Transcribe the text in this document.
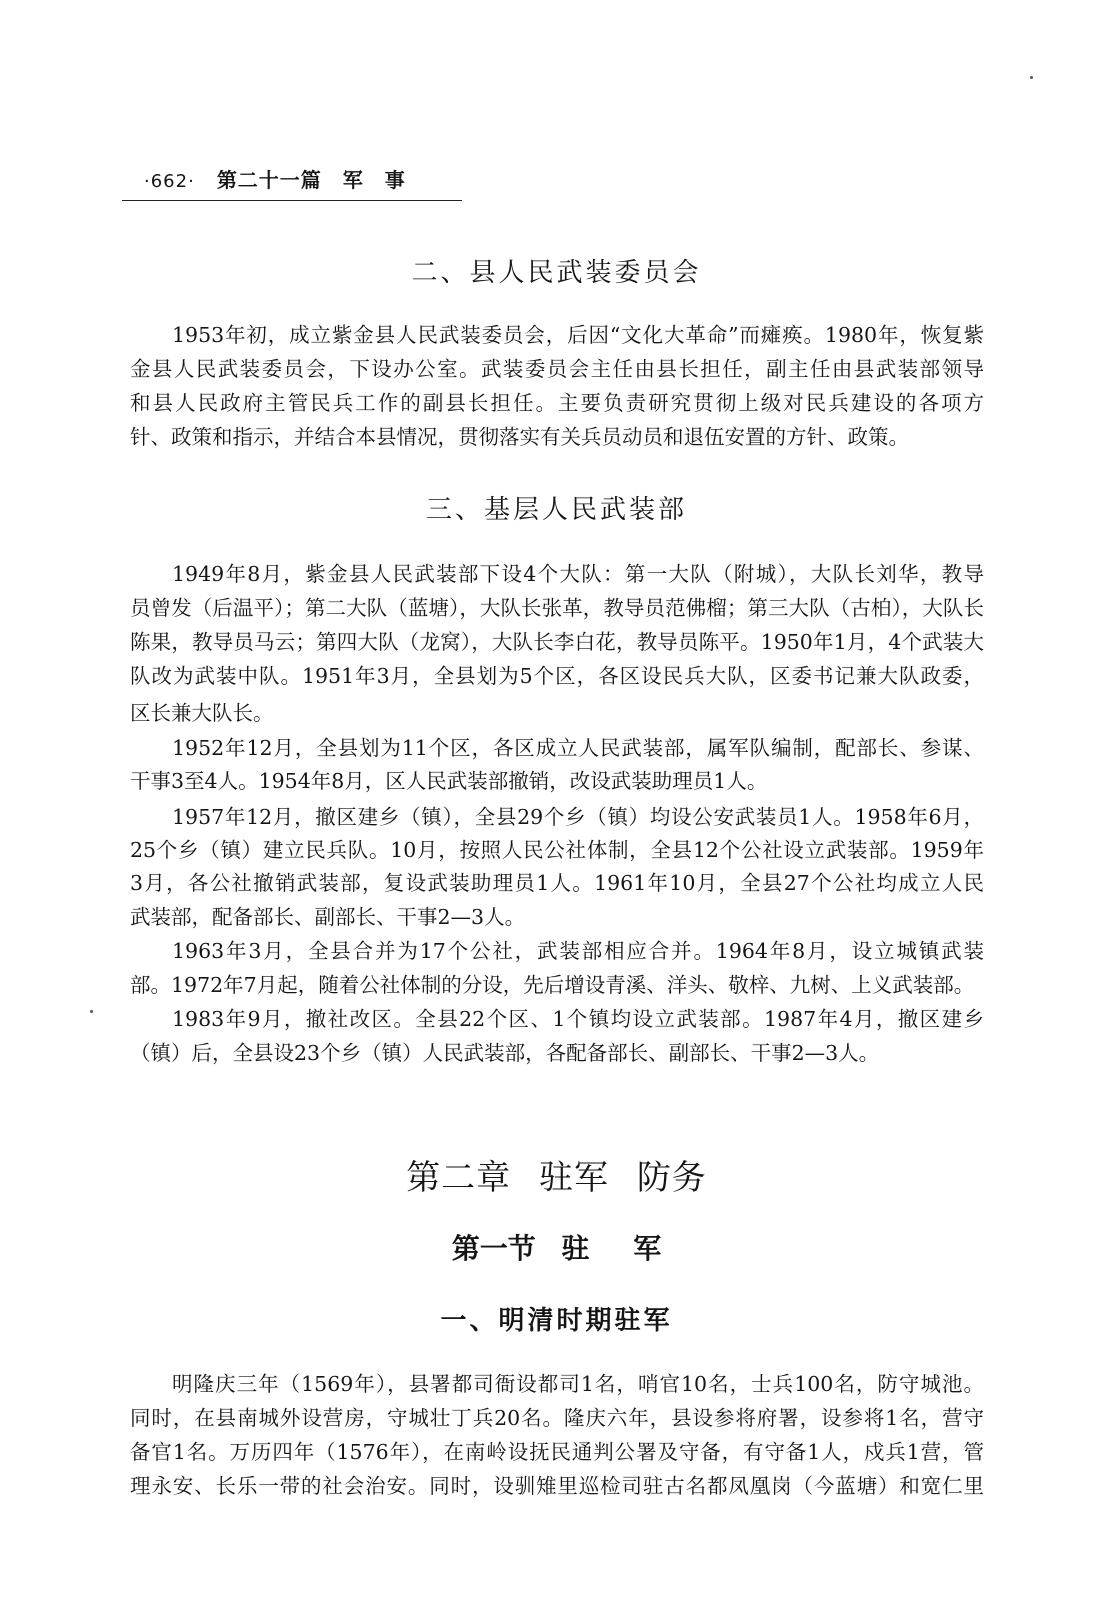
·662· 第二十一篇　军　事
二、县人民武装委员会
1953年初，成立紫金县人民武装委员会，后因“文化大革命”而瘫痪。1980年，恢复紫
金县人民武装委员会，下设办公室。武装委员会主任由县长担任，副主任由县武装部领导
和县人民政府主管民兵工作的副县长担任。主要负责研究贯彻上级对民兵建设的各项方
针、政策和指示，并结合本县情况，贯彻落实有关兵员动员和退伍安置的方针、政策。
三、基层人民武装部
1949年8月，紫金县人民武装部下设4个大队：第一大队（附城），大队长刘华，教导
员曾发（后温平）；第二大队（蓝塘），大队长张革，教导员范佛榴；第三大队（古柏），大队长
陈果，教导员马云；第四大队（龙窝），大队长李白花，教导员陈平。1950年1月，4个武装大
队改为武装中队。1951年3月，全县划为5个区，各区设民兵大队，区委书记兼大队政委，
区长兼大队长。
1952年12月，全县划为11个区，各区成立人民武装部，属军队编制，配部长、参谋、
干事3至4人。1954年8月，区人民武装部撤销，改设武装助理员1人。
1957年12月，撤区建乡（镇），全县29个乡（镇）均设公安武装员1人。1958年6月，
25个乡（镇）建立民兵队。10月，按照人民公社体制，全县12个公社设立武装部。1959年
3月，各公社撤销武装部，复设武装助理员1人。1961年10月，全县27个公社均成立人民
武装部，配备部长、副部长、干事2—3人。
1963年3月，全县合并为17个公社，武装部相应合并。1964年8月，设立城镇武装
部。1972年7月起，随着公社体制的分设，先后增设青溪、洋头、敬梓、九树、上义武装部。
1983年9月，撤社改区。全县22个区、1个镇均设立武装部。1987年4月，撤区建乡
（镇）后，全县设23个乡（镇）人民武装部，各配备部长、副部长、干事2—3人。
第二章 驻军 防务
第一节 驻 军
一、明清时期驻军
明隆庆三年（1569年），县署都司衙设都司1名，哨官10名，士兵100名，防守城池。
同时，在县南城外设营房，守城壮丁兵20名。隆庆六年，县设参将府署，设参将1名，营守
备官1名。万历四年（1576年），在南岭设抚民通判公署及守备，有守备1人，戍兵1营，管
理永安、长乐一带的社会治安。同时，设驯雉里巡检司驻古名都凤凰岗（今蓝塘）和宽仁里
